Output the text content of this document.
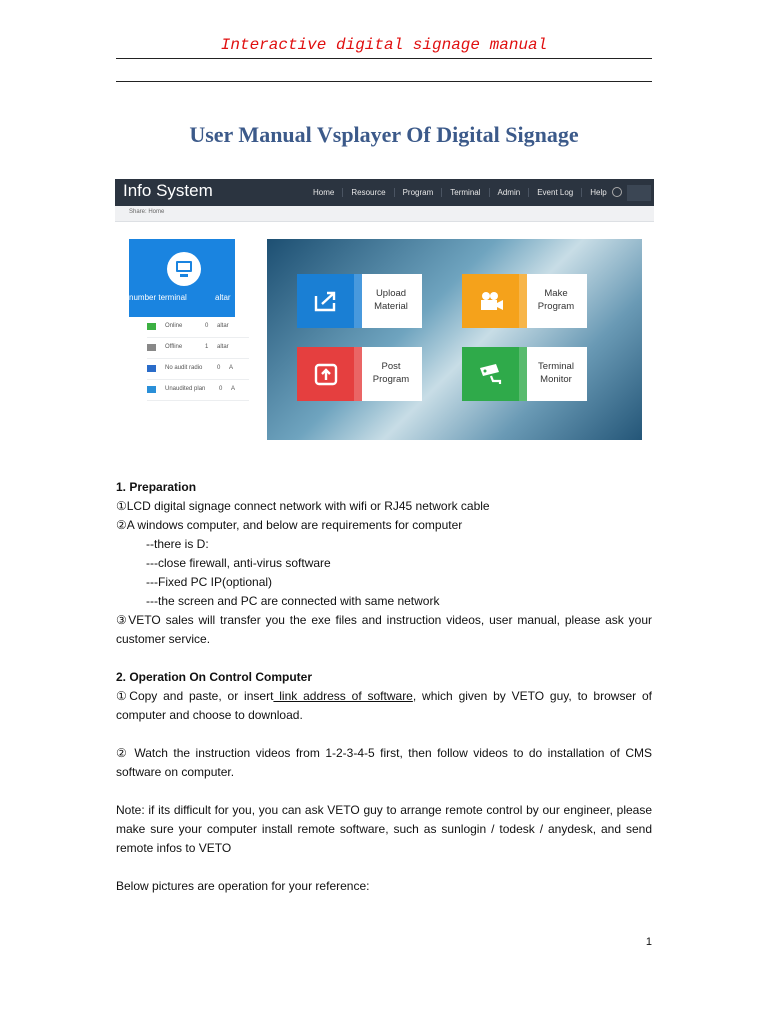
Interactive digital signage manual
User Manual Vsplayer Of Digital Signage
Info System	Home	Resource	Program	Terminal	Admin	Event Log	Help
Share: Home
number terminal	altar
Online	0 altar
Offline	1 altar
No audit radio 0 A
Unaudited plan 0 A
Upload
Material
Make
Program
Post
Program
Terminal
Monitor
1. Preparation
①LCD digital signage connect network with wifi or RJ45 network cable
②A windows computer, and below are requirements for computer
--there is D:
---close firewall, anti-virus software
---Fixed PC IP(optional)
---the screen and PC are connected with same network
③VETO sales will transfer you the exe files and instruction videos, user manual, please ask your customer service.
2. Operation On Control Computer
①Copy and paste, or insert link address of software, which given by VETO guy, to browser of computer and choose to download.
② Watch the instruction videos from 1-2-3-4-5 first, then follow videos to do installation of CMS software on computer.
Note: if its difficult for you, you can ask VETO guy to arrange remote control by our engineer, please make sure your computer install remote software, such as sunlogin / todesk / anydesk, and send remote infos to VETO
Below pictures are operation for your reference:
1
